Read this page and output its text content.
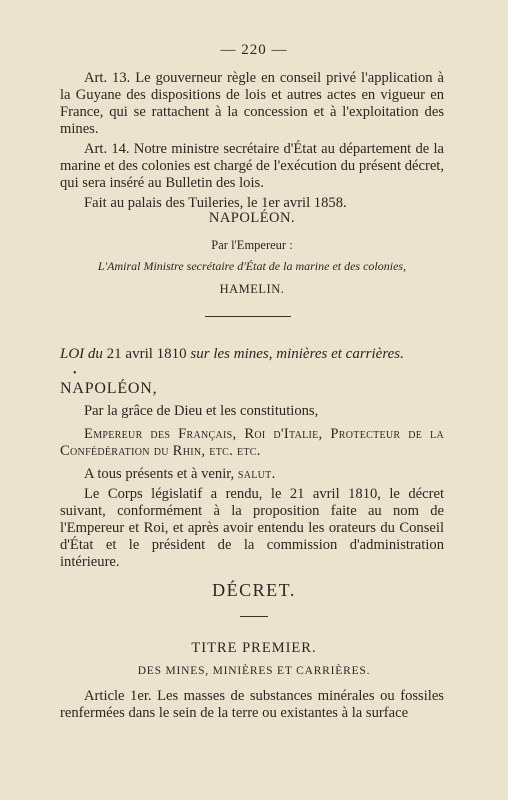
— 220 —

Art. 13. Le gouverneur règle en conseil privé l'application à la Guyane des dispositions de lois et autres actes en vigueur en France, qui se rattachent à la concession et à l'exploitation des mines.

Art. 14. Notre ministre secrétaire d'État au département de la marine et des colonies est chargé de l'exécution du présent décret, qui sera inséré au Bulletin des lois.

Fait au palais des Tuileries, le 1er avril 1858.

NAPOLÉON.
Par l'Empereur :
L'Amiral Ministre secrétaire d'État de la marine et des colonies,
HAMELIN.
LOI du 21 avril 1810 sur les mines, minières et carrières.
•
NAPOLÉON,

Par la grâce de Dieu et les constitutions,

Empereur des Français, Roi d'Italie, Protecteur de la Confédération du Rhin, etc. etc.

A tous présents et à venir, salut.

Le Corps législatif a rendu, le 21 avril 1810, le décret suivant, conformément à la proposition faite au nom de l'Empereur et Roi, et après avoir entendu les orateurs du Conseil d'État et le président de la commission d'administration intérieure.

DÉCRET.
TITRE PREMIER.
DES MINES, MINIÈRES ET CARRIÈRES.

Article 1er. Les masses de substances minérales ou fossiles renfermées dans le sein de la terre ou existantes à la surface
